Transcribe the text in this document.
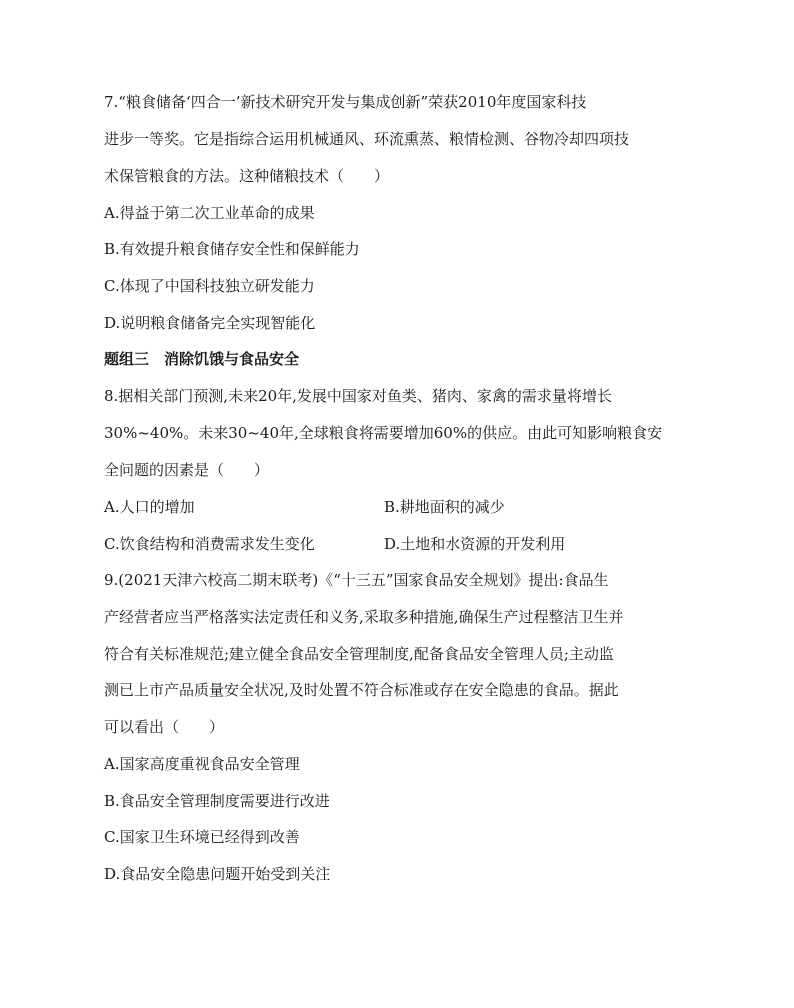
7.“粮食储备‘四合一’新技术研究开发与集成创新”荣获2010年度国家科技
进步一等奖。它是指综合运用机械通风、环流熏蒸、粮情检测、谷物冷却四项技
术保管粮食的方法。这种储粮技术（　　）
A.得益于第二次工业革命的成果
B.有效提升粮食储存安全性和保鲜能力
C.体现了中国科技独立研发能力
D.说明粮食储备完全实现智能化
题组三　消除饥饿与食品安全
8.据相关部门预测,未来20年,发展中国家对鱼类、猪肉、家禽的需求量将增长
30%~40%。未来30~40年,全球粮食将需要增加60%的供应。由此可知影响粮食安
全问题的因素是（　　）
A.人口的增加	B.耕地面积的减少
C.饮食结构和消费需求发生变化	D.土地和水资源的开发利用
9.(2021天津六校高二期末联考)《“十三五”国家食品安全规划》提出:食品生
产经营者应当严格落实法定责任和义务,采取多种措施,确保生产过程整洁卫生并
符合有关标准规范;建立健全食品安全管理制度,配备食品安全管理人员;主动监
测已上市产品质量安全状况,及时处置不符合标准或存在安全隐患的食品。据此
可以看出（　　）
A.国家高度重视食品安全管理
B.食品安全管理制度需要进行改进
C.国家卫生环境已经得到改善
D.食品安全隐患问题开始受到关注
